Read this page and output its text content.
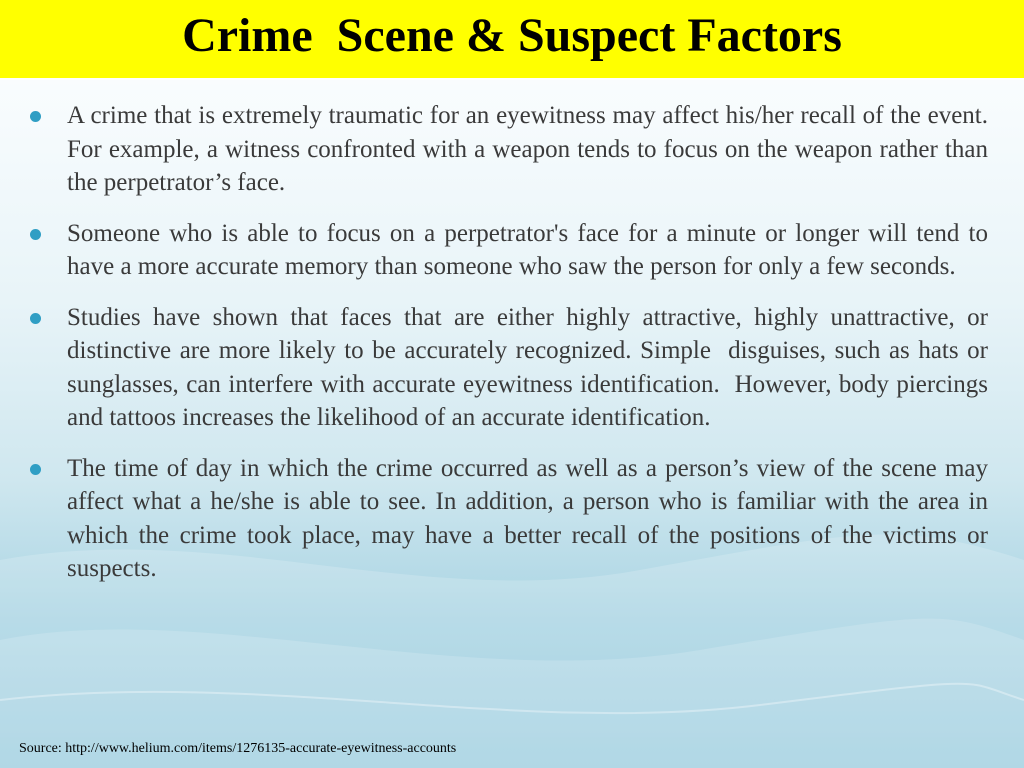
Crime  Scene & Suspect Factors
A crime that is extremely traumatic for an eyewitness may affect his/her recall of the event. For example, a witness confronted with a weapon tends to focus on the weapon rather than the perpetrator’s face.
Someone who is able to focus on a perpetrator's face for a minute or longer will tend to have a more accurate memory than someone who saw the person for only a few seconds.
Studies have shown that faces that are either highly attractive, highly unattractive, or distinctive are more likely to be accurately recognized. Simple  disguises, such as hats or sunglasses, can interfere with accurate eyewitness identification.  However, body piercings and tattoos increases the likelihood of an accurate identification.
The time of day in which the crime occurred as well as a person’s view of the scene may affect what a he/she is able to see. In addition, a person who is familiar with the area in which the crime took place, may have a better recall of the positions of the victims or suspects.
Source: http://www.helium.com/items/1276135-accurate-eyewitness-accounts
